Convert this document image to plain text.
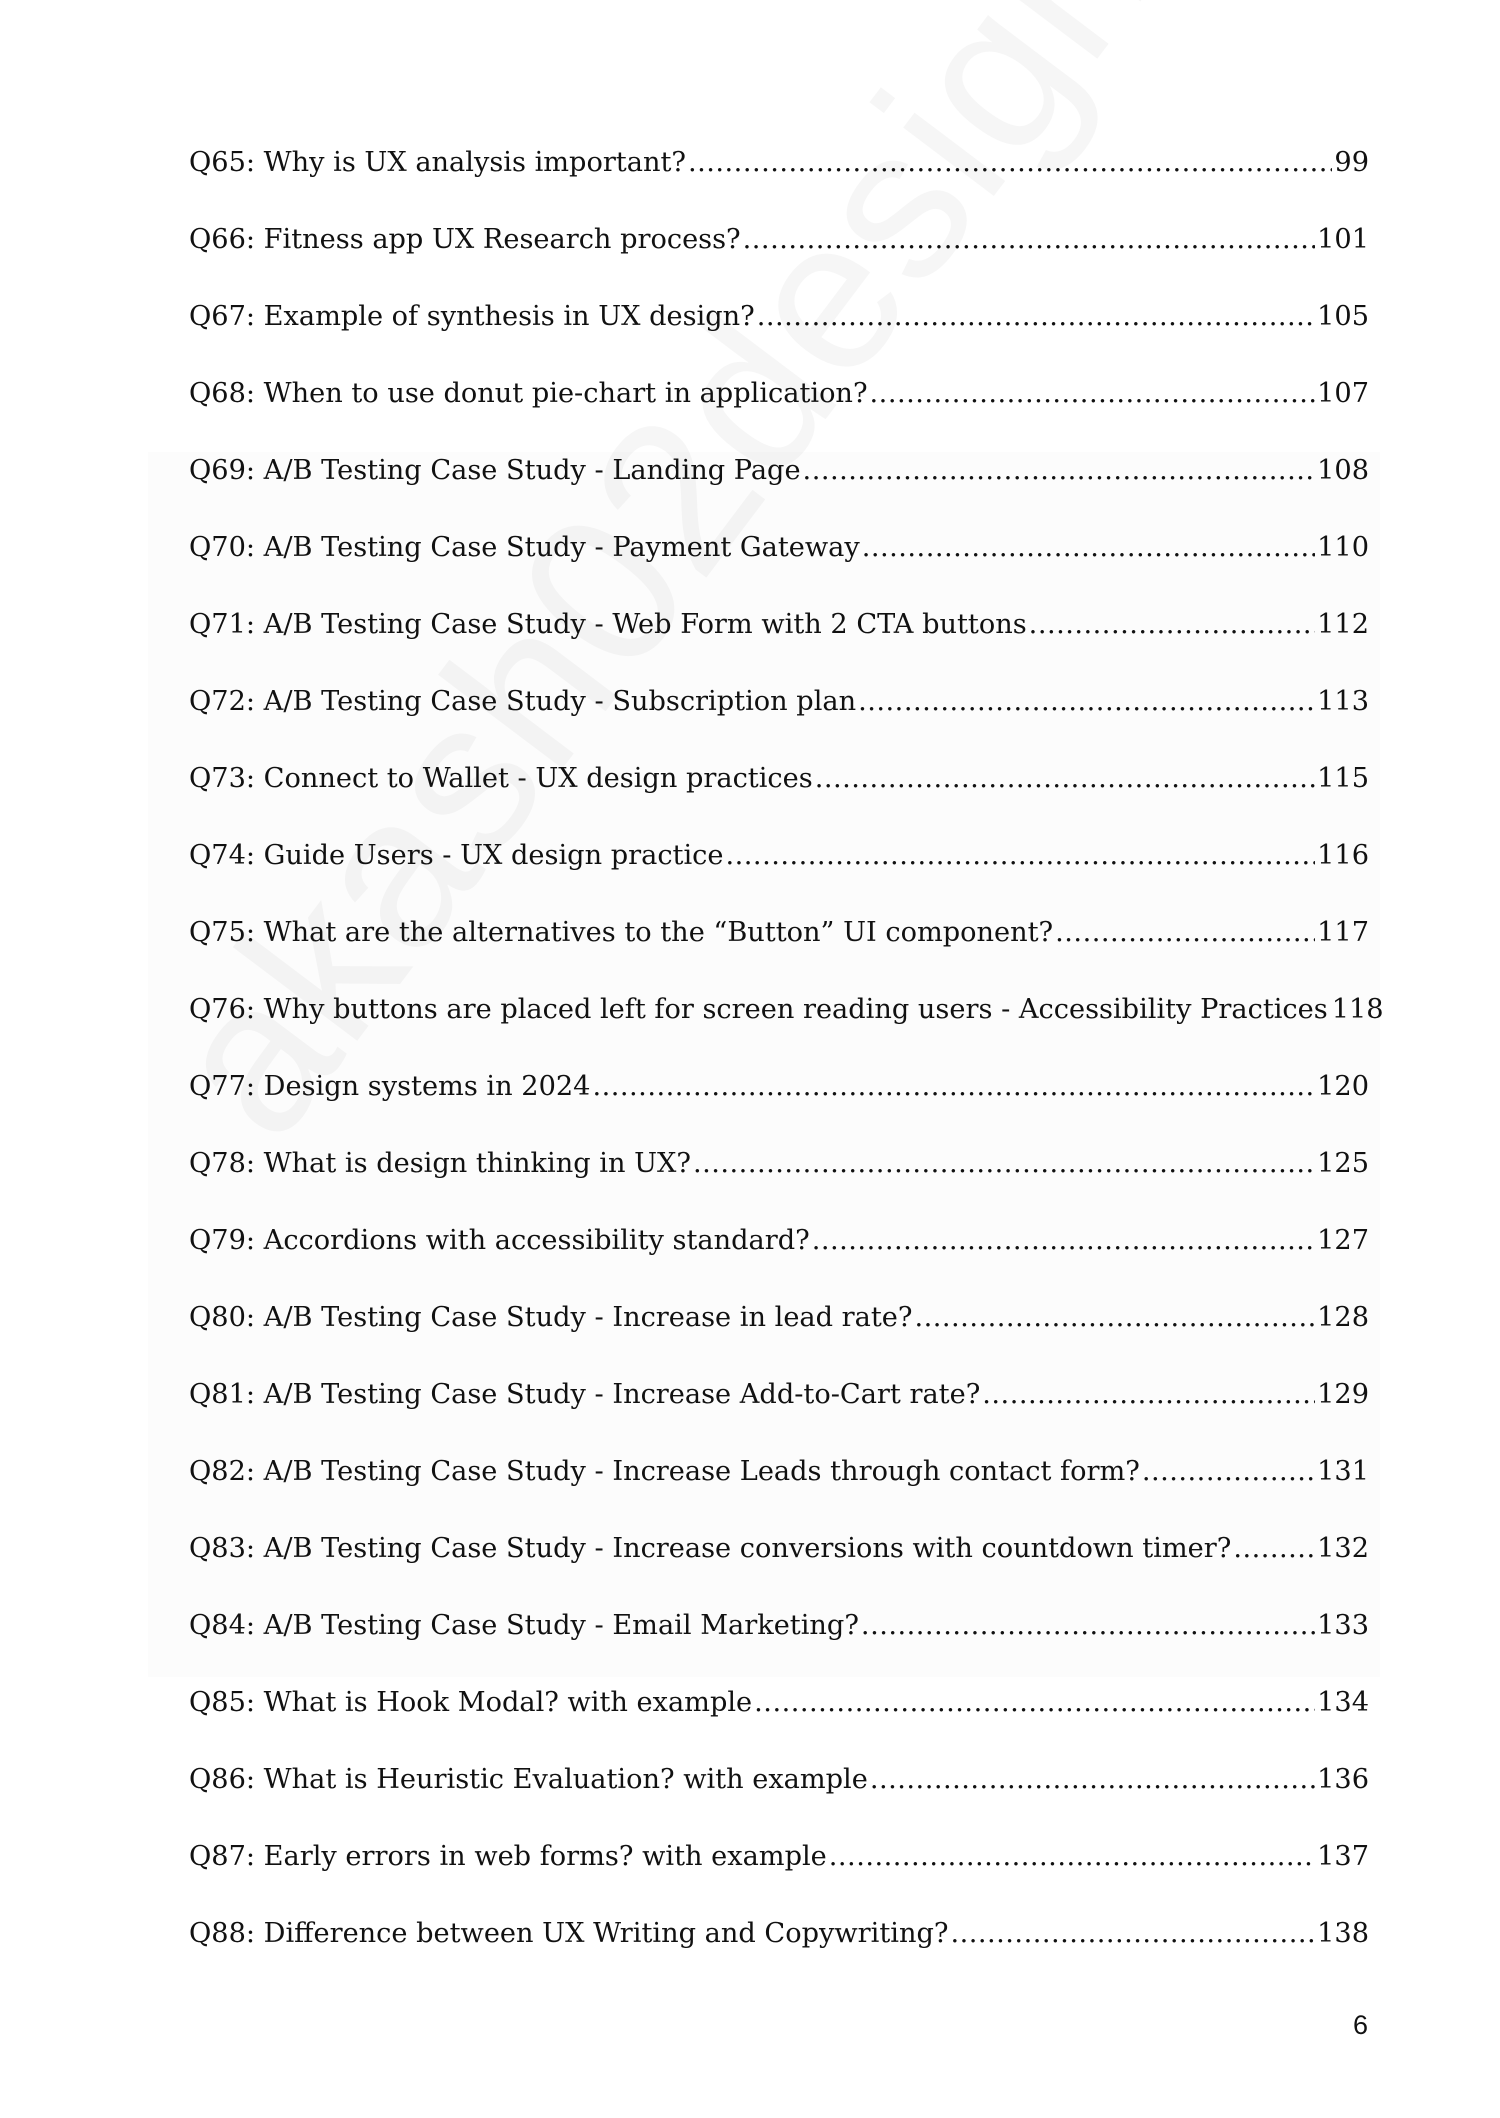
Q65: Why is UX analysis important? .....	99
Q66: Fitness app UX Research process? .....	101
Q67: Example of synthesis in UX design? .....	105
Q68: When to use donut pie-chart in application? .....	107
Q69: A/B Testing Case Study - Landing Page .....	108
Q70: A/B Testing Case Study - Payment Gateway .....	110
Q71: A/B Testing Case Study - Web Form with 2 CTA buttons .....	112
Q72: A/B Testing Case Study - Subscription plan .....	113
Q73: Connect to Wallet - UX design practices .....	115
Q74: Guide Users - UX design practice .....	116
Q75: What are the alternatives to the “Button” UI component? .....	117
Q76: Why buttons are placed left for screen reading users - Accessibility Practices 118
Q77: Design systems in 2024 .....	120
Q78: What is design thinking in UX? .....	125
Q79: Accordions with accessibility standard? .....	127
Q80: A/B Testing Case Study - Increase in lead rate? .....	128
Q81: A/B Testing Case Study - Increase Add-to-Cart rate? .....	129
Q82: A/B Testing Case Study - Increase Leads through contact form? .....	131
Q83: A/B Testing Case Study - Increase conversions with countdown timer? .....	132
Q84: A/B Testing Case Study - Email Marketing? .....	133
Q85: What is Hook Modal? with example .....	134
Q86: What is Heuristic Evaluation? with example .....	136
Q87: Early errors in web forms? with example .....	137
Q88: Difference between UX Writing and Copywriting? .....	138
6
